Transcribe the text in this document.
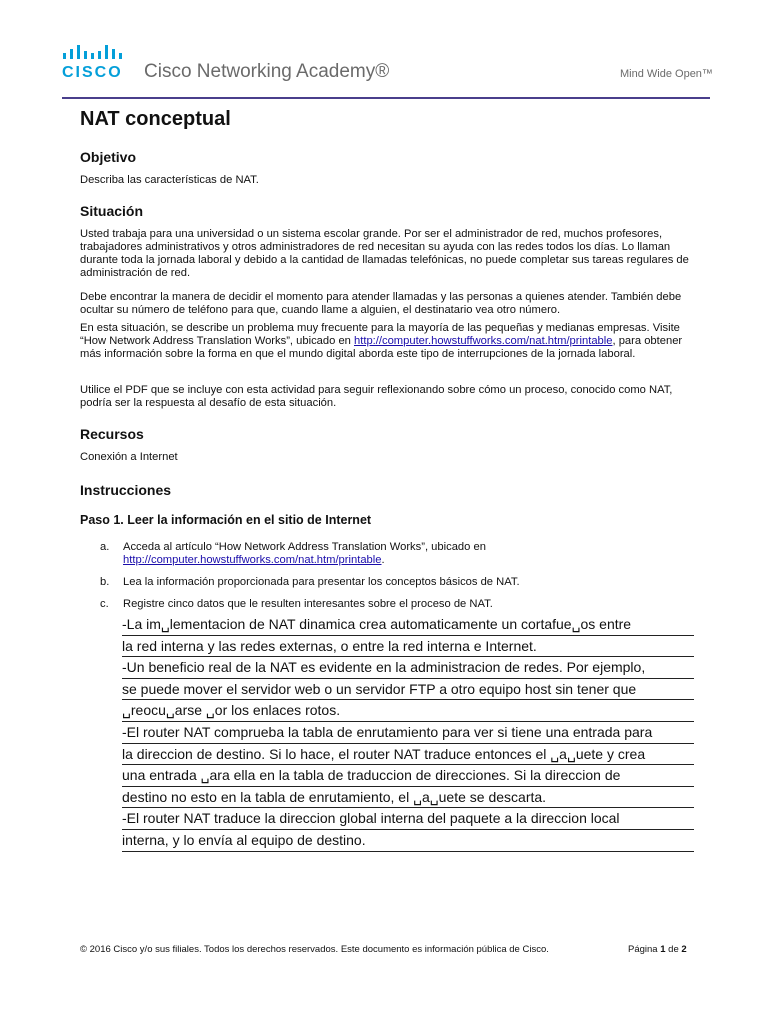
CISCO Cisco Networking Academy®	Mind Wide Open™
NAT conceptual
Objetivo

Describa las características de NAT.

Situación

Usted trabaja para una universidad o un sistema escolar grande. Por ser el administrador de red, muchos profesores, trabajadores administrativos y otros administradores de red necesitan su ayuda con las redes todos los días. Lo llaman durante toda la jornada laboral y debido a la cantidad de llamadas telefónicas, no puede completar sus tareas regulares de administración de red.

Debe encontrar la manera de decidir el momento para atender llamadas y las personas a quienes atender. También debe ocultar su número de teléfono para que, cuando llame a alguien, el destinatario vea otro número.

En esta situación, se describe un problema muy frecuente para la mayoría de las pequeñas y medianas empresas. Visite “How Network Address Translation Works”, ubicado en http://computer.howstuffworks.com/nat.htm/printable, para obtener más información sobre la forma en que el mundo digital aborda este tipo de interrupciones de la jornada laboral.

Utilice el PDF que se incluye con esta actividad para seguir reflexionando sobre cómo un proceso, conocido como NAT, podría ser la respuesta al desafío de esta situación.

Recursos

Conexión a Internet

Instrucciones
Paso 1. Leer la información en el sitio de Internet
a. Acceda al artículo “How Network Address Translation Works”, ubicado en http://computer.howstuffworks.com/nat.htm/printable.
b. Lea la información proporcionada para presentar los conceptos básicos de NAT.
c. Registre cinco datos que le resulten interesantes sobre el proceso de NAT.
-La im␣lementacion de NAT dinamica crea automaticamente un cortafue␣os entre
la red interna y las redes externas, o entre la red interna e Internet.
-Un beneficio real de la NAT es evidente en la administracion de redes. Por ejemplo,
se puede mover el servidor web o un servidor FTP a otro equipo host sin tener que
␣reocu␣arse ␣or los enlaces rotos.
-El router NAT comprueba la tabla de enrutamiento para ver si tiene una entrada para
la direccion de destino. Si lo hace, el router NAT traduce entonces el ␣a␣uete y crea
una entrada ␣ara ella en la tabla de traduccion de direcciones. Si la direccion de
destino no esto en la tabla de enrutamiento, el ␣a␣uete se descarta.
-El router NAT traduce la direccion global interna del paquete a la direccion local
interna, y lo envía al equipo de destino.
© 2016 Cisco y/o sus filiales. Todos los derechos reservados. Este documento es información pública de Cisco.	Página 1 de 2
